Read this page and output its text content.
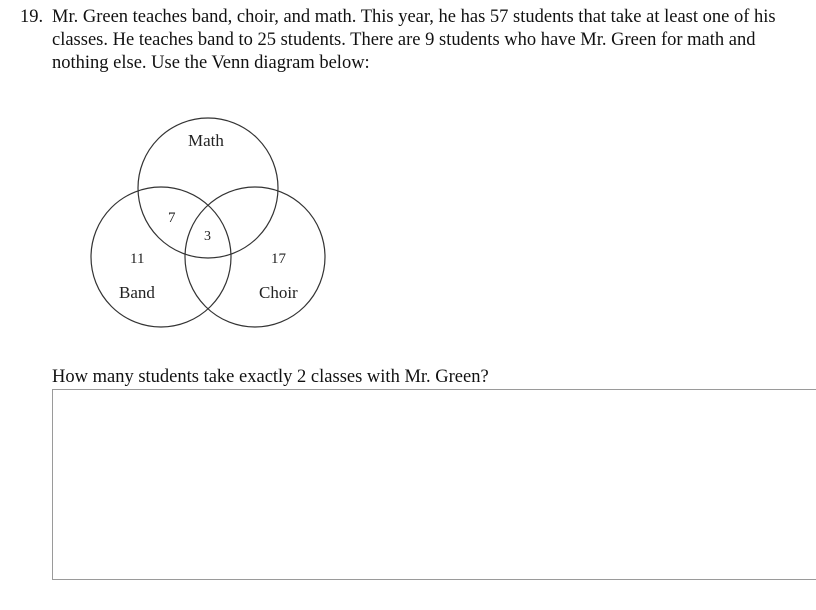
19. Mr. Green teaches band, choir, and math. This year, he has 57 students that take at least one of his classes. He teaches band to 25 students. There are 9 students who have Mr. Green for math and nothing else. Use the Venn diagram below:
Math
Band	Choir
11	17
7
3
How many students take exactly 2 classes with Mr. Green?
